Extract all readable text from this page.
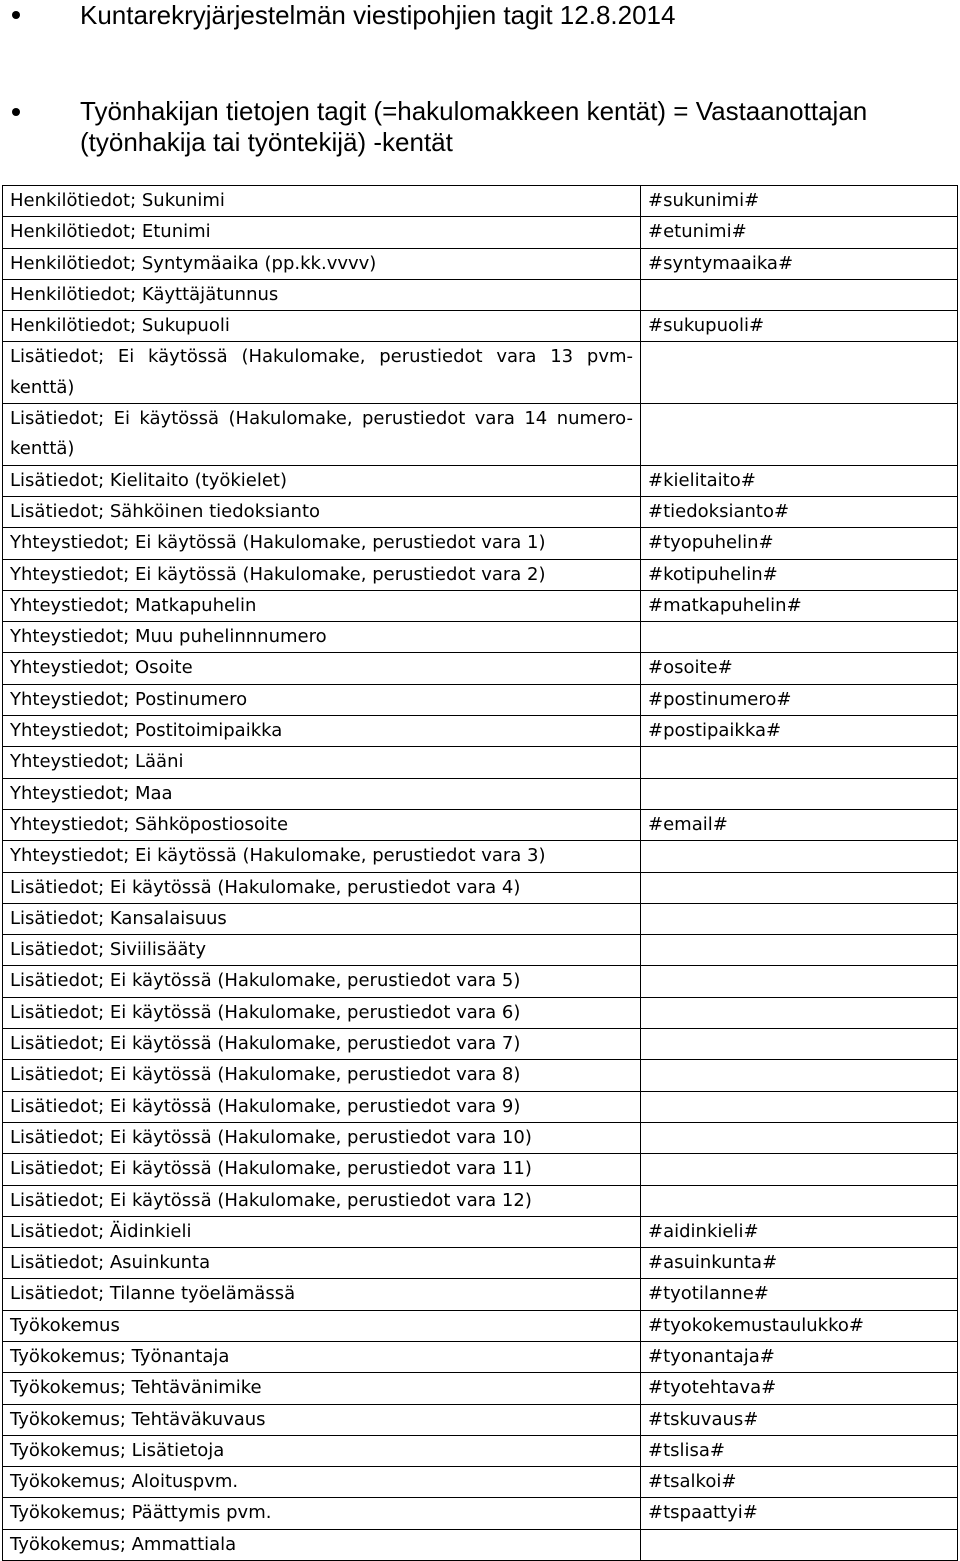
Kuntarekryjärjestelmän viestipohjien tagit 12.8.2014
Työnhakijan tietojen tagit (=hakulomakkeen kentät) = Vastaanottajan
(työnhakija tai työntekijä) -kentät
Henkilötiedot; Sukunimi	#sukunimi#
Henkilötiedot; Etunimi	#etunimi#
Henkilötiedot; Syntymäaika (pp.kk.vvvv)	#syntymaaika#
Henkilötiedot; Käyttäjätunnus	
Henkilötiedot; Sukupuoli	#sukupuoli#
Lisätiedot; Ei käytössä (Hakulomake, perustiedot vara 13 pvm-kenttä)	
Lisätiedot; Ei käytössä (Hakulomake, perustiedot vara 14 numero-kenttä)	
Lisätiedot; Kielitaito (työkielet)	#kielitaito#
Lisätiedot; Sähköinen tiedoksianto	#tiedoksianto#
Yhteystiedot; Ei käytössä (Hakulomake, perustiedot vara 1)	#tyopuhelin#
Yhteystiedot; Ei käytössä (Hakulomake, perustiedot vara 2)	#kotipuhelin#
Yhteystiedot; Matkapuhelin	#matkapuhelin#
Yhteystiedot; Muu puhelinnnumero	
Yhteystiedot; Osoite	#osoite#
Yhteystiedot; Postinumero	#postinumero#
Yhteystiedot; Postitoimipaikka	#postipaikka#
Yhteystiedot; Lääni	
Yhteystiedot; Maa	
Yhteystiedot; Sähköpostiosoite	#email#
Yhteystiedot; Ei käytössä (Hakulomake, perustiedot vara 3)	
Lisätiedot; Ei käytössä (Hakulomake, perustiedot vara 4)	
Lisätiedot; Kansalaisuus	
Lisätiedot; Siviilisääty	
Lisätiedot; Ei käytössä (Hakulomake, perustiedot vara 5)	
Lisätiedot; Ei käytössä (Hakulomake, perustiedot vara 6)	
Lisätiedot; Ei käytössä (Hakulomake, perustiedot vara 7)	
Lisätiedot; Ei käytössä (Hakulomake, perustiedot vara 8)	
Lisätiedot; Ei käytössä (Hakulomake, perustiedot vara 9)	
Lisätiedot; Ei käytössä (Hakulomake, perustiedot vara 10)	
Lisätiedot; Ei käytössä (Hakulomake, perustiedot vara 11)	
Lisätiedot; Ei käytössä (Hakulomake, perustiedot vara 12)	
Lisätiedot; Äidinkieli	#aidinkieli#
Lisätiedot; Asuinkunta	#asuinkunta#
Lisätiedot; Tilanne työelämässä	#tyotilanne#
Työkokemus	#tyokokemustaulukko#
Työkokemus; Työnantaja	#tyonantaja#
Työkokemus; Tehtävänimike	#tyotehtava#
Työkokemus; Tehtäväkuvaus	#tskuvaus#
Työkokemus; Lisätietoja	#tslisa#
Työkokemus; Aloituspvm.	#tsalkoi#
Työkokemus; Päättymis pvm.	#tspaattyi#
Työkokemus; Ammattiala	
